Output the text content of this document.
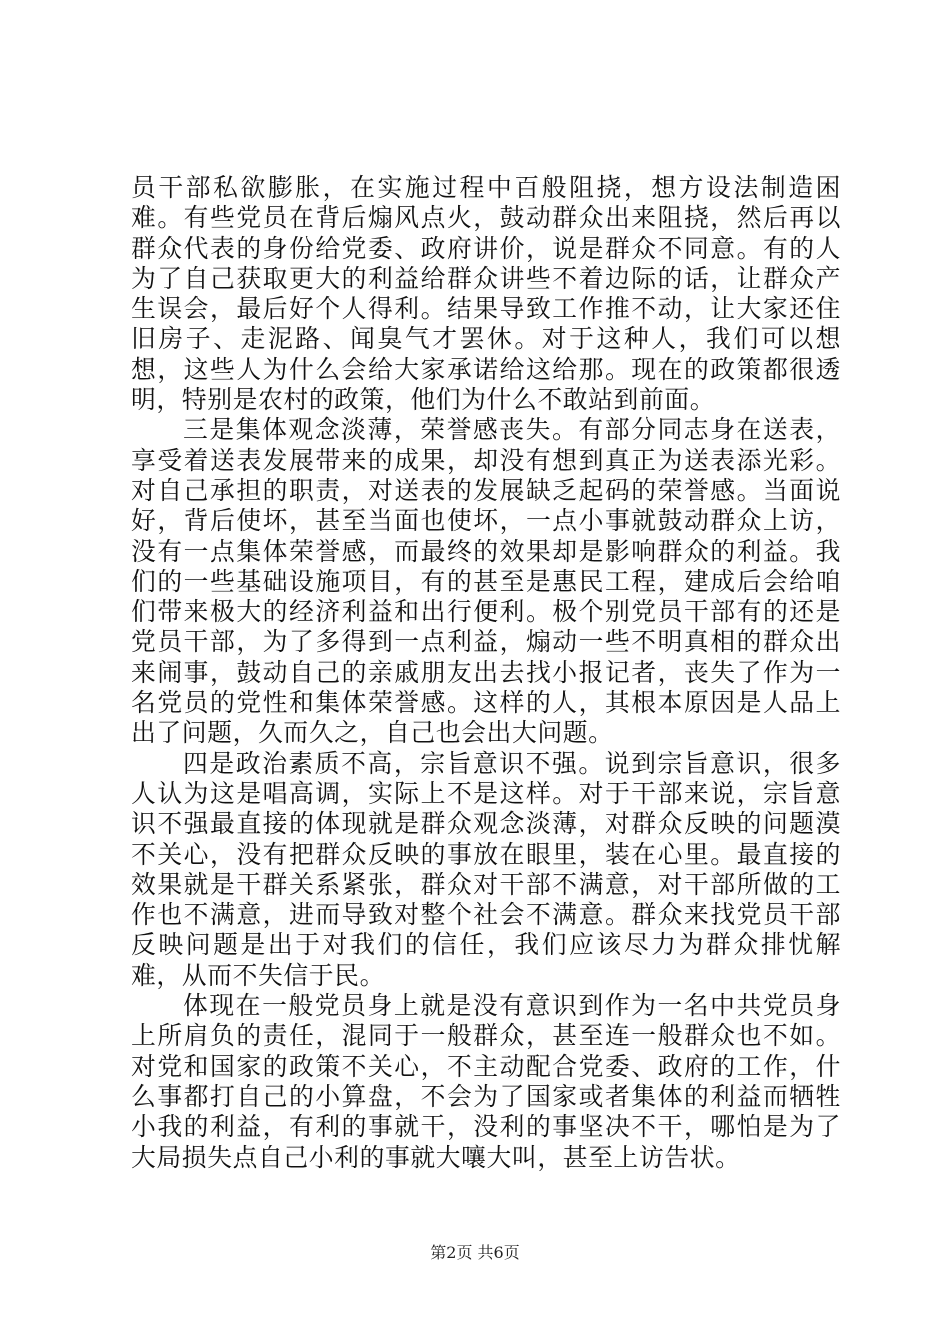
员干部私欲膨胀，在实施过程中百般阻挠，想方设法制造困难。有些党员在背后煽风点火，鼓动群众出来阻挠，然后再以群众代表的身份给党委、政府讲价，说是群众不同意。有的人为了自己获取更大的利益给群众讲些不着边际的话，让群众产生误会，最后好个人得利。结果导致工作推不动，让大家还住旧房子、走泥路、闻臭气才罢休。对于这种人，我们可以想想，这些人为什么会给大家承诺给这给那。现在的政策都很透明，特别是农村的政策，他们为什么不敢站到前面。

三是集体观念淡薄，荣誉感丧失。有部分同志身在送表，享受着送表发展带来的成果，却没有想到真正为送表添光彩。对自己承担的职责，对送表的发展缺乏起码的荣誉感。当面说好，背后使坏，甚至当面也使坏，一点小事就鼓动群众上访，没有一点集体荣誉感，而最终的效果却是影响群众的利益。我们的一些基础设施项目，有的甚至是惠民工程，建成后会给咱们带来极大的经济利益和出行便利。极个别党员干部有的还是党员干部，为了多得到一点利益，煽动一些不明真相的群众出来闹事，鼓动自己的亲戚朋友出去找小报记者，丧失了作为一名党员的党性和集体荣誉感。这样的人，其根本原因是人品上出了问题，久而久之，自己也会出大问题。

四是政治素质不高，宗旨意识不强。说到宗旨意识，很多人认为这是唱高调，实际上不是这样。对于干部来说，宗旨意识不强最直接的体现就是群众观念淡薄，对群众反映的问题漠不关心，没有把群众反映的事放在眼里，装在心里。最直接的效果就是干群关系紧张，群众对干部不满意，对干部所做的工作也不满意，进而导致对整个社会不满意。群众来找党员干部反映问题是出于对我们的信任，我们应该尽力为群众排忧解难，从而不失信于民。

体现在一般党员身上就是没有意识到作为一名中共党员身上所肩负的责任，混同于一般群众，甚至连一般群众也不如。对党和国家的政策不关心，不主动配合党委、政府的工作，什么事都打自己的小算盘，不会为了国家或者集体的利益而牺牲小我的利益，有利的事就干，没利的事坚决不干，哪怕是为了大局损失点自己小利的事就大嚷大叫，甚至上访告状。

第2页 共6页
